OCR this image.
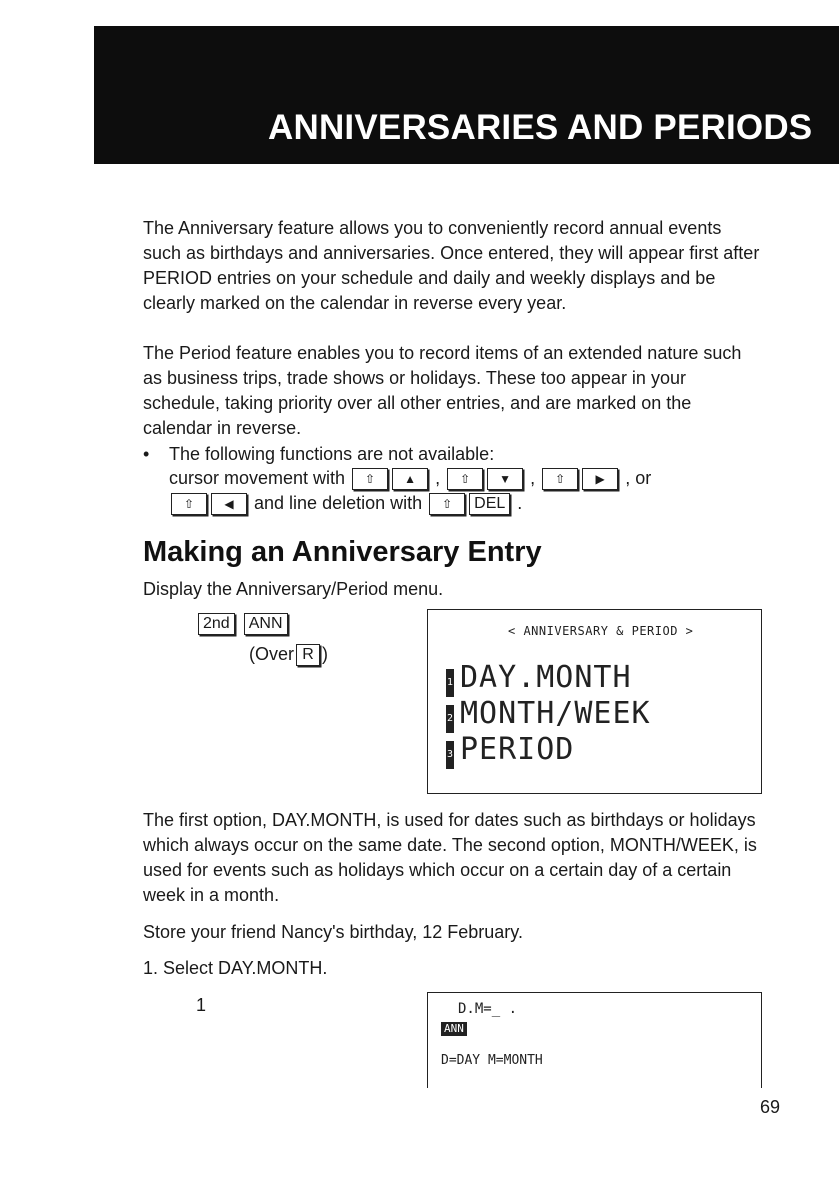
ANNIVERSARIES AND PERIODS
The Anniversary feature allows you to conveniently record annual events such as birthdays and anniversaries. Once entered, they will appear first after PERIOD entries on your schedule and daily and weekly displays and be clearly marked on the calendar in reverse every year.
The Period feature enables you to record items of an extended nature such as business trips, trade shows or holidays. These too appear in your schedule, taking priority over all other entries, and are marked on the calendar in reverse.
• The following functions are not available:
cursor movement with ⇧ ▲ , ⇧ ▼ , ⇧	▶ , or
⇧	◀ and line deletion with ⇧ DEL .
Making an Anniversary Entry
Display the Anniversary/Period menu.
2nd ANN
(Over R )
< ANNIVERSARY & PERIOD >
1 DAY.MONTH
2 MONTH/WEEK
3 PERIOD
The first option, DAY.MONTH, is used for dates such as birthdays or holidays which always occur on the same date. The second option, MONTH/WEEK, is used for events such as holidays which occur on a certain day of a certain week in a month.
Store your friend Nancy's birthday, 12 February.
1. Select DAY.MONTH.
1	D.M=_ .
ANN
D=DAY M=MONTH
69
